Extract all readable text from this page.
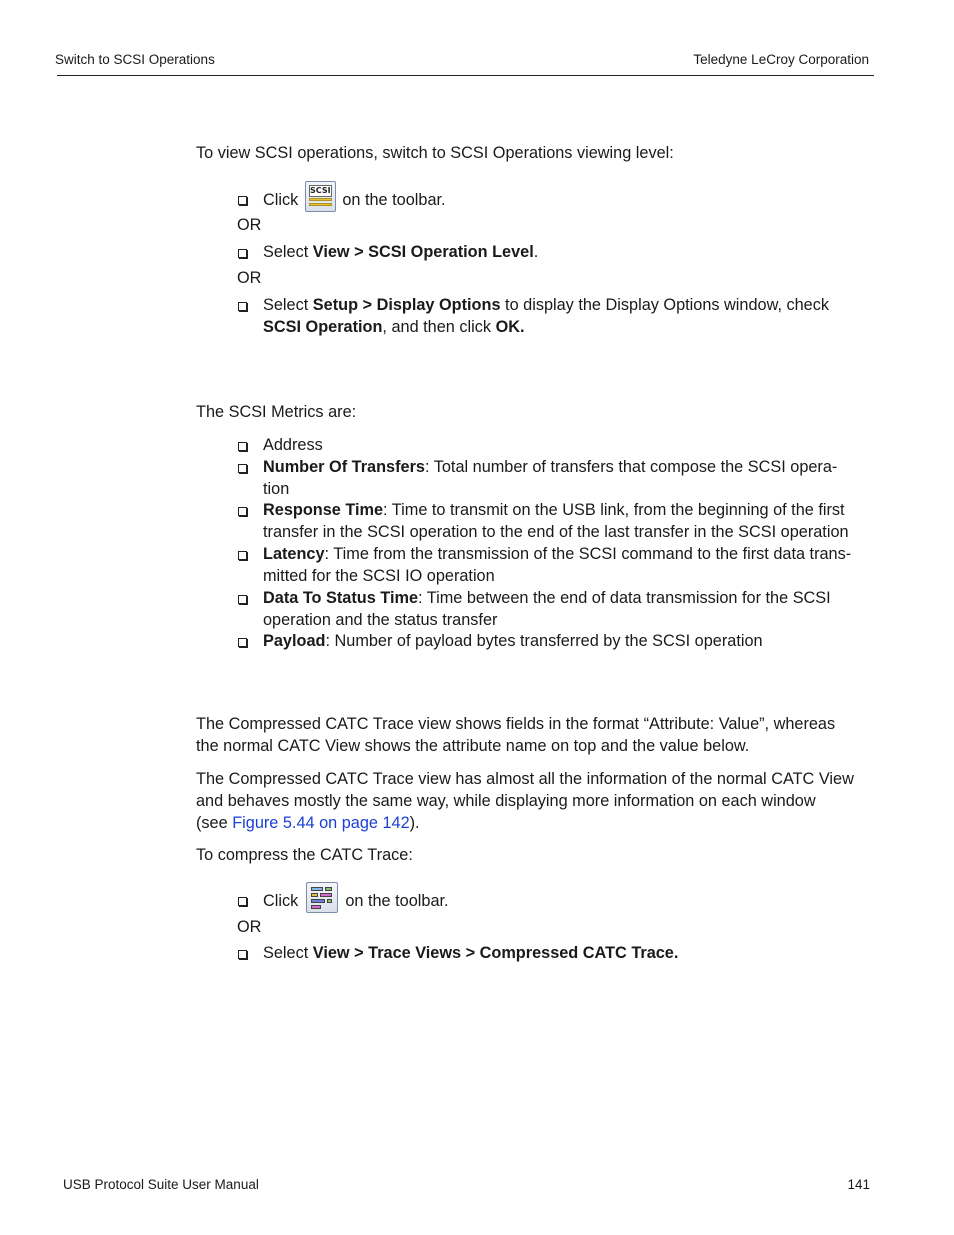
Switch to SCSI Operations	Teledyne LeCroy Corporation
To view SCSI operations, switch to SCSI Operations viewing level:
Click
SCSI
on the toolbar.
OR
Select View > SCSI Operation Level.
OR
Select Setup > Display Options to display the Display Options window, check
SCSI Operation, and then click OK.
The SCSI Metrics are:
Address
Number Of Transfers: Total number of transfers that compose the SCSI opera-
tion
Response Time: Time to transmit on the USB link, from the beginning of the first
transfer in the SCSI operation to the end of the last transfer in the SCSI operation
Latency: Time from the transmission of the SCSI command to the first data trans-
mitted for the SCSI IO operation
Data To Status Time: Time between the end of data transmission for the SCSI
operation and the status transfer
Payload: Number of payload bytes transferred by the SCSI operation
The Compressed CATC Trace view shows fields in the format “Attribute: Value”, whereas
the normal CATC View shows the attribute name on top and the value below.
The Compressed CATC Trace view has almost all the information of the normal CATC View
and behaves mostly the same way, while displaying more information on each window
(see Figure 5.44 on page 142).
To compress the CATC Trace:
Click	on the toolbar.
OR
Select View > Trace Views > Compressed CATC Trace.
USB Protocol Suite User Manual	141
